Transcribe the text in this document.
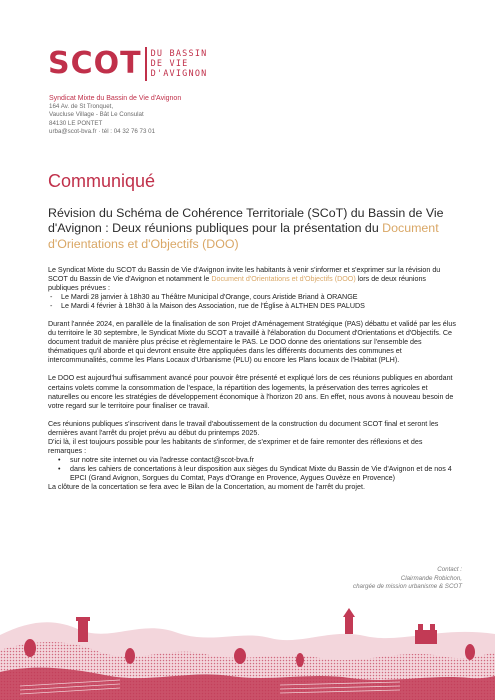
SCOT DU BASSIN
DE VIE
D'AVIGNON
Syndicat Mixte du Bassin de Vie d'Avignon
164 Av. de St Tronquet,
Vaucluse Village - Bât Le Consulat
84130 LE PONTET
urba@scot-bva.fr · tél : 04 32 76 73 01
Communiqué
Révision du Schéma de Cohérence Territoriale (SCoT) du Bassin de Vie d'Avignon : Deux réunions publiques pour la présentation du Document d'Orientations et d'Objectifs (DOO)

Le Syndicat Mixte du SCOT du Bassin de Vie d'Avignon invite les habitants à venir s'informer et s'exprimer sur la révision du SCOT du Bassin de Vie d'Avignon et notamment le Document d'Orientations et d'Objectifs (DOO) lors de deux réunions publiques prévues :

- Le Mardi 28 janvier à 18h30 au Théâtre Municipal d'Orange, cours Aristide Briand à ORANGE
- Le Mardi 4 février à 18h30 à la Maison des Association, rue de l'Église à ALTHEN DES PALUDS

Durant l'année 2024, en parallèle de la finalisation de son Projet d'Aménagement Stratégique (PAS) débattu et validé par les élus du territoire le 30 septembre, le Syndicat Mixte du SCOT a travaillé à l'élaboration du Document d'Orientations et d'Objectifs. Ce document traduit de manière plus précise et règlementaire le PAS. Le DOO donne des orientations sur l'ensemble des thématiques qu'il aborde et qui devront ensuite être appliquées dans les différents documents des communes et intercommunalités, comme les Plans Locaux d'Urbanisme (PLU) ou encore les Plans locaux de l'Habitat (PLH).

Le DOO est aujourd'hui suffisamment avancé pour pouvoir être présenté et expliqué lors de ces réunions publiques en abordant certains volets comme la consommation de l'espace, la répartition des logements, la préservation des terres agricoles et naturelles ou encore les stratégies de développement économique à l'horizon 20 ans. En effet, nous avons à nouveau besoin de votre regard sur le territoire pour finaliser ce travail.

Ces réunions publiques s'inscrivent dans le travail d'aboutissement de la construction du document SCOT final et seront les dernières avant l'arrêt du projet prévu au début du printemps 2025.

D'ici là, il est toujours possible pour les habitants de s'informer, de s'exprimer et de faire remonter des réflexions et des remarques :

• sur notre site internet ou via l'adresse contact@scot-bva.fr
• dans les cahiers de concertations à leur disposition aux sièges du Syndicat Mixte du Bassin de Vie d'Avignon et de nos 4 EPCI (Grand Avignon, Sorgues du Comtat, Pays d'Orange en Provence, Aygues Ouvèze en Provence)

La clôture de la concertation se fera avec le Bilan de la Concertation, au moment de l'arrêt du projet.

Contact :
Clairmande Robichon,
chargée de mission urbanisme & SCOT
